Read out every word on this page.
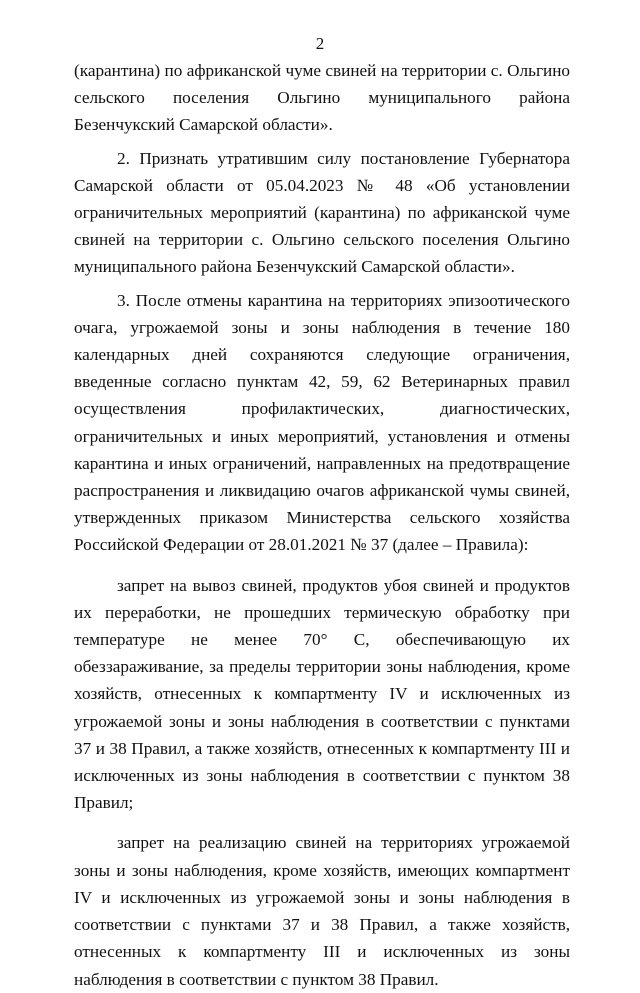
2

(карантина) по африканской чуме свиней на территории с. Ольгино сельского поселения Ольгино муниципального района Безенчукский Самарской области».

2. Признать утратившим силу постановление Губернатора Самарской области от 05.04.2023 № 48 «Об установлении ограничительных мероприятий (карантина) по африканской чуме свиней на территории с. Ольгино сельского поселения Ольгино муниципального района Безенчукский Самарской области».

3. После отмены карантина на территориях эпизоотического очага, угрожаемой зоны и зоны наблюдения в течение 180 календарных дней сохраняются следующие ограничения, введенные согласно пунктам 42, 59, 62 Ветеринарных правил осуществления профилактических, диагностических, ограничительных и иных мероприятий, установления и отмены карантина и иных ограничений, направленных на предотвращение распространения и ликвидацию очагов африканской чумы свиней, утвержденных приказом Министерства сельского хозяйства Российской Федерации от 28.01.2021 № 37 (далее – Правила):

запрет на вывоз свиней, продуктов убоя свиней и продуктов их переработки, не прошедших термическую обработку при температуре не менее 70° С, обеспечивающую их обеззараживание, за пределы территории зоны наблюдения, кроме хозяйств, отнесенных к компартменту IV и исключенных из угрожаемой зоны и зоны наблюдения в соответствии с пунктами 37 и 38 Правил, а также хозяйств, отнесенных к компартменту III и исключенных из зоны наблюдения в соответствии с пунктом 38 Правил;

запрет на реализацию свиней на территориях угрожаемой зоны и зоны наблюдения, кроме хозяйств, имеющих компартмент IV и исключенных из угрожаемой зоны и зоны наблюдения в соответствии с пунктами 37 и 38 Правил, а также хозяйств, отнесенных к компартменту III и исключенных из зоны наблюдения в соответствии с пунктом 38 Правил.
